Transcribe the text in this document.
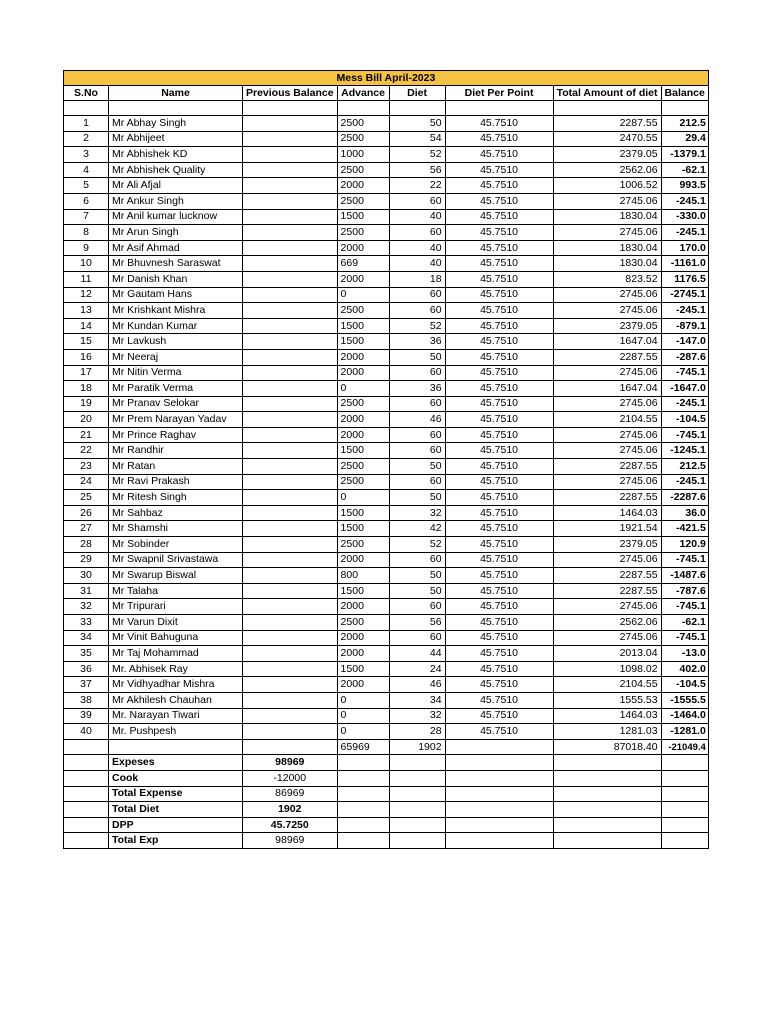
Mess Bill April-2023							
S.No	Name	Previous Balance	Advance	Diet	Diet Per Point	Total Amount of diet	Balance

1	Mr Abhay Singh		2500	50	45.7510	2287.55	212.5
2	Mr Abhijeet		2500	54	45.7510	2470.55	29.4
3	Mr Abhishek KD		1000	52	45.7510	2379.05	-1379.1
4	Mr Abhishek Quality		2500	56	45.7510	2562.06	-62.1
5	Mr Ali Afjal		2000	22	45.7510	1006.52	993.5
6	Mr Ankur Singh		2500	60	45.7510	2745.06	-245.1
7	Mr Anil kumar lucknow		1500	40	45.7510	1830.04	-330.0
8	Mr Arun Singh		2500	60	45.7510	2745.06	-245.1
9	Mr Asif Ahmad		2000	40	45.7510	1830.04	170.0
10	Mr Bhuvnesh Saraswat		669	40	45.7510	1830.04	-1161.0
11	Mr Danish Khan		2000	18	45.7510	823.52	1176.5
12	Mr Gautam Hans		0	60	45.7510	2745.06	-2745.1
13	Mr Krishkant Mishra		2500	60	45.7510	2745.06	-245.1
14	Mr Kundan Kumar		1500	52	45.7510	2379.05	-879.1
15	Mr Lavkush		1500	36	45.7510	1647.04	-147.0
16	Mr Neeraj		2000	50	45.7510	2287.55	-287.6
17	Mr Nitin Verma		2000	60	45.7510	2745.06	-745.1
18	Mr Paratik Verma		0	36	45.7510	1647.04	-1647.0
19	Mr Pranav Selokar		2500	60	45.7510	2745.06	-245.1
20	Mr Prem Narayan Yadav		2000	46	45.7510	2104.55	-104.5
21	Mr Prince Raghav		2000	60	45.7510	2745.06	-745.1
22	Mr Randhir		1500	60	45.7510	2745.06	-1245.1
23	Mr Ratan		2500	50	45.7510	2287.55	212.5
24	Mr Ravi Prakash		2500	60	45.7510	2745.06	-245.1
25	Mr Ritesh Singh		0	50	45.7510	2287.55	-2287.6
26	Mr Sahbaz		1500	32	45.7510	1464.03	36.0
27	Mr Shamshi		1500	42	45.7510	1921.54	-421.5
28	Mr Sobinder		2500	52	45.7510	2379.05	120.9
29	Mr Swapnil Srivastawa		2000	60	45.7510	2745.06	-745.1
30	Mr Swarup Biswal		800	50	45.7510	2287.55	-1487.6
31	Mr Talaha		1500	50	45.7510	2287.55	-787.6
32	Mr Tripurari		2000	60	45.7510	2745.06	-745.1
33	Mr Varun Dixit		2500	56	45.7510	2562.06	-62.1
34	Mr Vinit Bahuguna		2000	60	45.7510	2745.06	-745.1
35	Mr Taj Mohammad		2000	44	45.7510	2013.04	-13.0
36	Mr. Abhisek Ray		1500	24	45.7510	1098.02	402.0
37	Mr Vidhyadhar Mishra		2000	46	45.7510	2104.55	-104.5
38	Mr Akhilesh Chauhan		0	34	45.7510	1555.53	-1555.5
39	Mr. Narayan Tiwari		0	32	45.7510	1464.03	-1464.0
40	Mr. Pushpesh		0	28	45.7510	1281.03	-1281.0
			65969	1902		87018.40	-21049.4
	Expeses	98969					
	Cook	-12000					
	Total Expense	86969					
	Total Diet	1902					
	DPP	45.7250					
	Total Exp	98969					
